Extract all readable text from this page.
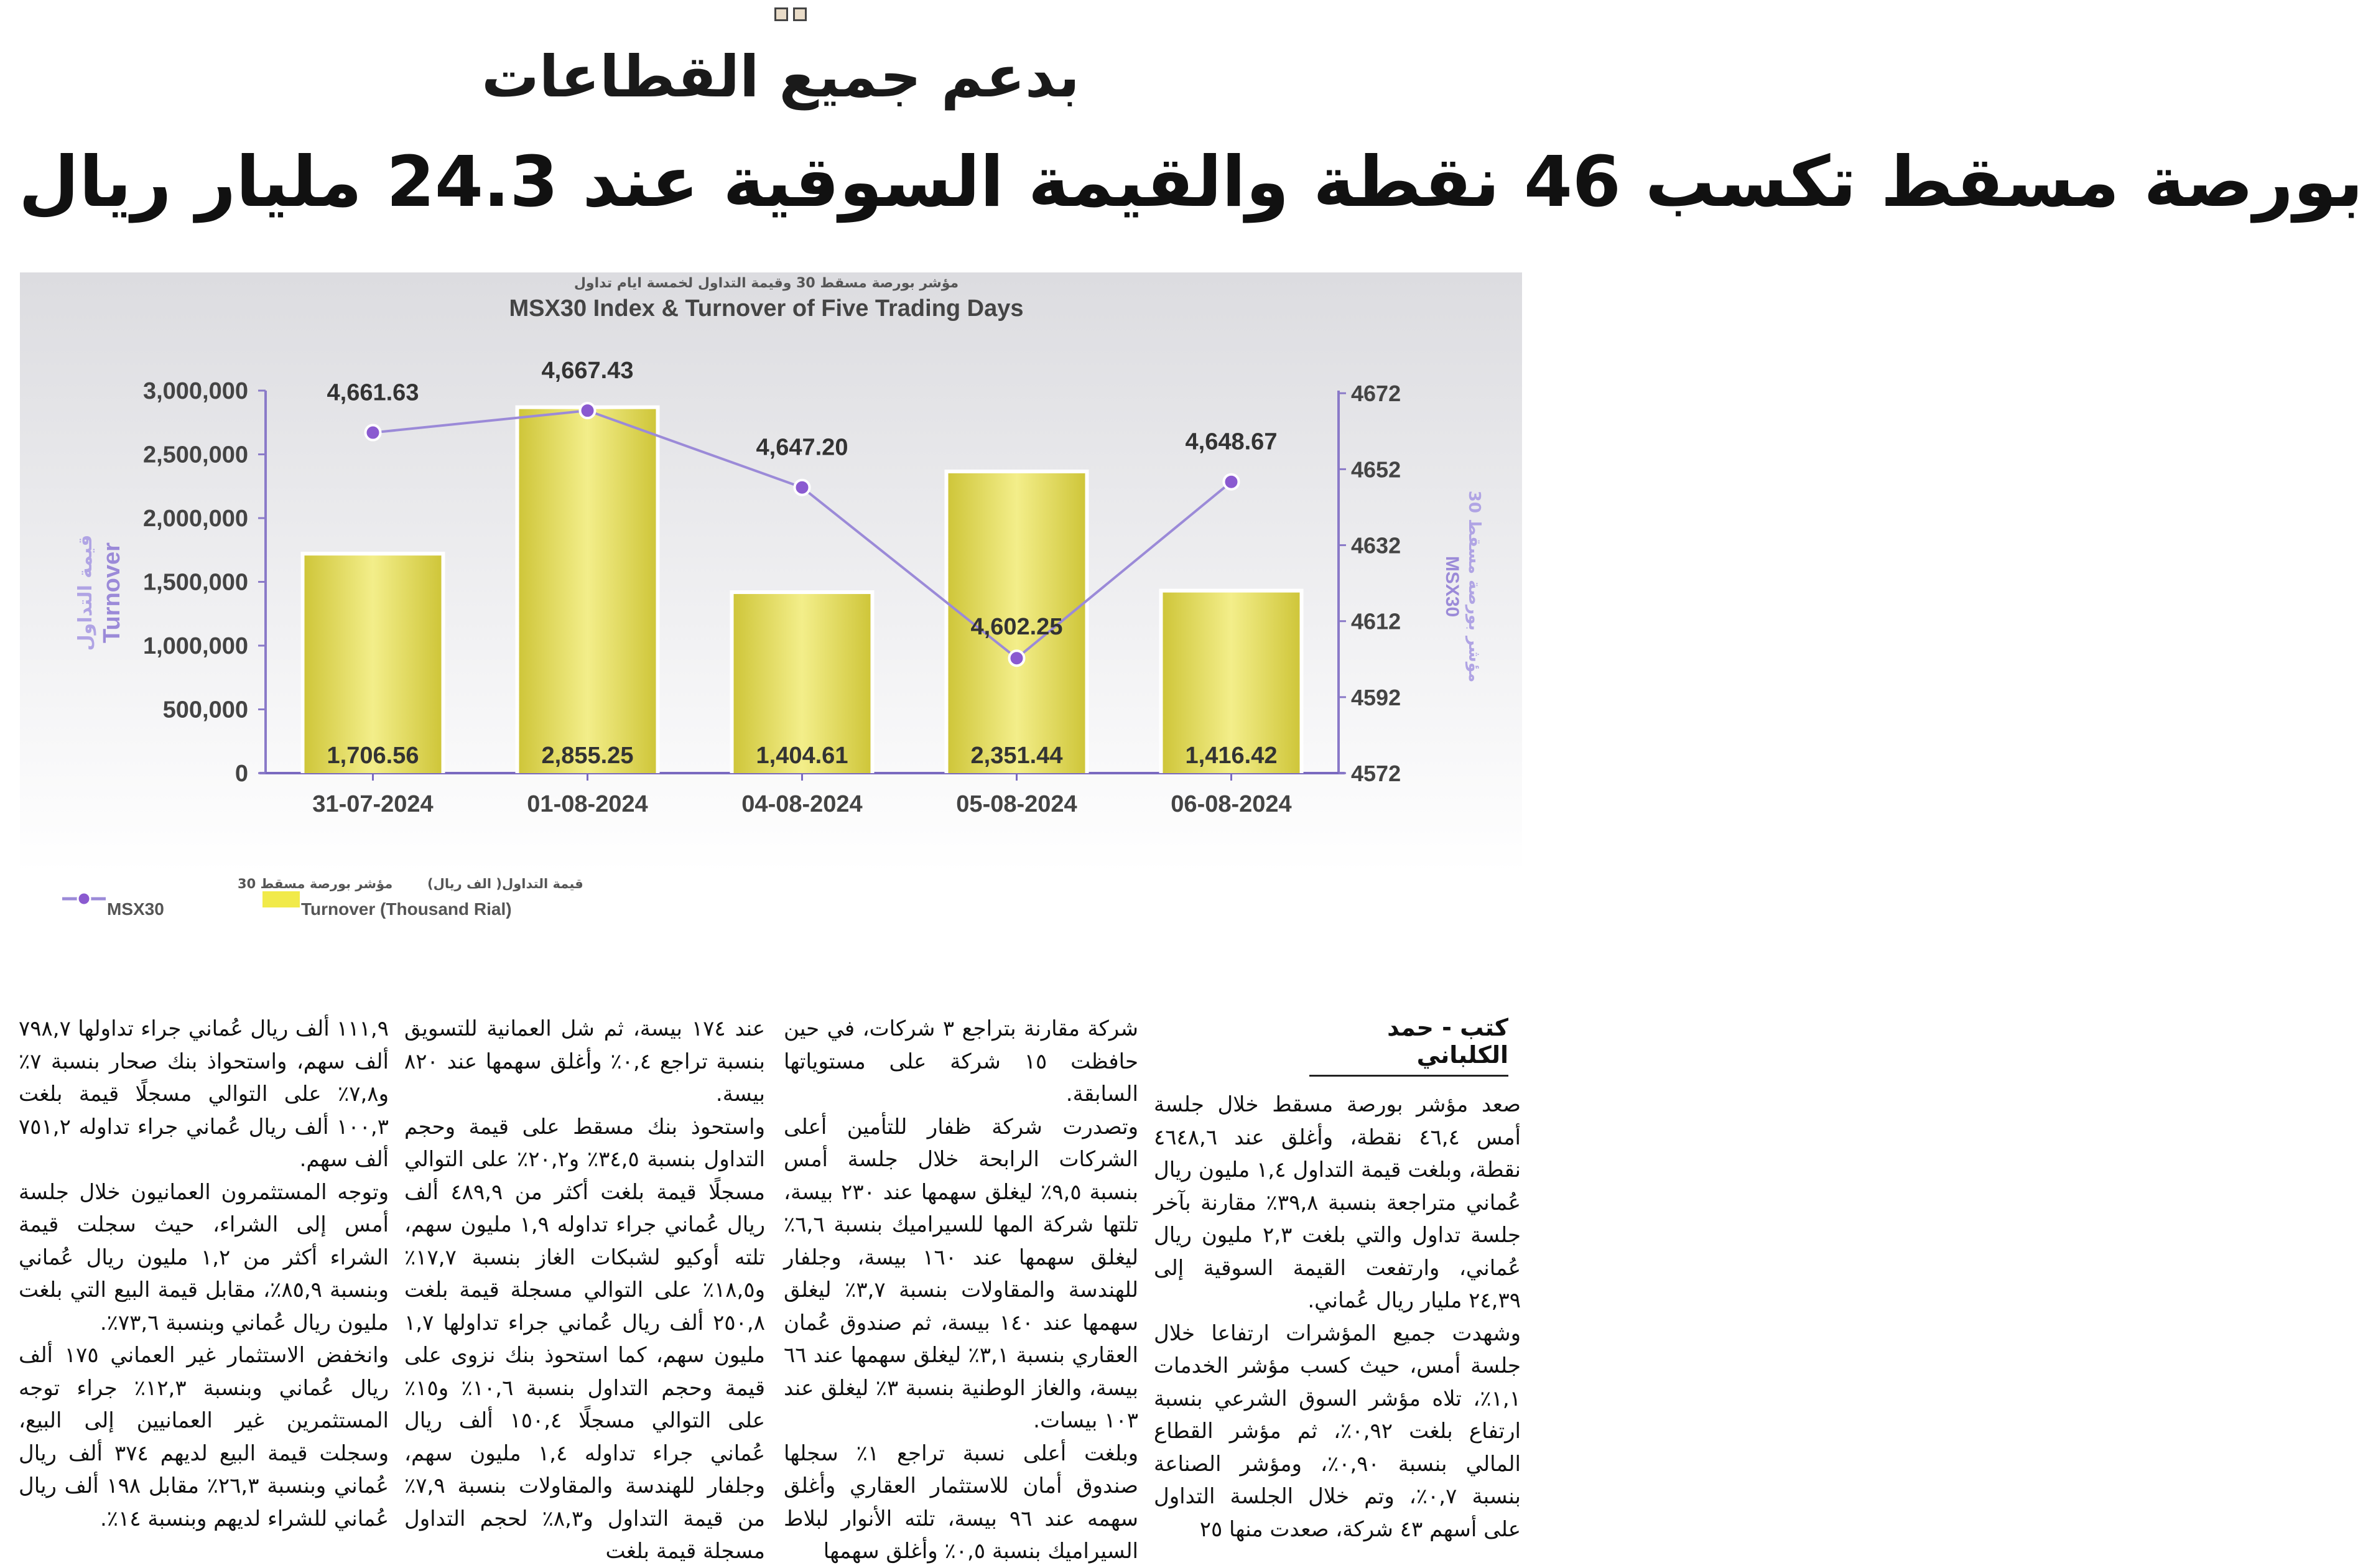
بدعم جميع القطاعات
بورصة مسقط تكسب 46 نقطة والقيمة السوقية عند 24.3 مليار ريال
مؤشر بورصة مسقط 30 وقيمة التداول لخمسة ايام تداول
MSX30 Index & Turnover of Five Trading Days
0
500,000
1,000,000
1,500,000
2,000,000
2,500,000
3,000,000
4572
4592
4612
4632
4652
4672
Turnover
قيمة التداول	MSX30
مؤشر بورصة مسقط 30
1,706.56	2,855.25	1,404.61	2,351.44	1,416.42
31-07-2024	01-08-2024	04-08-2024	05-08-2024	06-08-2024
4,661.63
4,667.43
4,647.20
4,602.25
4,648.67
مؤشر بورصة مسقط 30
MSX30
قيمة التداول( الف ريال)
Turnover (Thousand Rial)
كتب - حمد الكلباني

صعد مؤشر بورصة مسقط خلال جلسة أمس ٤٦,٤ نقطة، وأغلق عند ٤٦٤٨,٦ نقطة، وبلغت قيمة التداول ١,٤ مليون ريال عُماني متراجعة بنسبة ٣٩,٨٪ مقارنة بآخر جلسة تداول والتي بلغت ٢,٣ مليون ريال عُماني، وارتفعت القيمة السوقية إلى ٢٤,٣٩ مليار ريال عُماني.

وشهدت جميع المؤشرات ارتفاعا خلال جلسة أمس، حيث كسب مؤشر الخدمات ١,١٪، تلاه مؤشر السوق الشرعي بنسبة ارتفاع بلغت ٠,٩٢٪، ثم مؤشر القطاع المالي بنسبة ٠,٩٠٪، ومؤشر الصناعة بنسبة ٠,٧٪، وتم خلال الجلسة التداول على أسهم ٤٣ شركة، صعدت منها ٢٥

شركة مقارنة بتراجع ٣ شركات، في حين حافظت ١٥ شركة على مستوياتها السابقة.

وتصدرت شركة ظفار للتأمين أعلى الشركات الرابحة خلال جلسة أمس بنسبة ٩,٥٪ ليغلق سهمها عند ٢٣٠ بيسة، تلتها شركة المها للسيراميك بنسبة ٦,٦٪ ليغلق سهمها عند ١٦٠ بيسة، وجلفار للهندسة والمقاولات بنسبة ٣,٧٪ ليغلق سهمها عند ١٤٠ بيسة، ثم صندوق عُمان العقاري بنسبة ٣,١٪ ليغلق سهمها عند ٦٦ بيسة، والغاز الوطنية بنسبة ٣٪ ليغلق عند ١٠٣ بيسات.

وبلغت أعلى نسبة تراجع ١٪ سجلها صندوق أمان للاستثمار العقاري وأغلق سهمه عند ٩٦ بيسة، تلته الأنوار لبلاط السيراميك بنسبة ٠,٥٪ وأغلق سهمها

عند ١٧٤ بيسة، ثم شل العمانية للتسويق بنسبة تراجع ٠,٤٪ وأغلق سهمها عند ٨٢٠ بيسة.

واستحوذ بنك مسقط على قيمة وحجم التداول بنسبة ٣٤,٥٪ و٢٠,٢٪ على التوالي مسجلًا قيمة بلغت أكثر من ٤٨٩,٩ ألف ريال عُماني جراء تداوله ١,٩ مليون سهم، تلته أوكيو لشبكات الغاز بنسبة ١٧,٧٪ و١٨,٥٪ على التوالي مسجلة قيمة بلغت ٢٥٠,٨ ألف ريال عُماني جراء تداولها ١,٧ مليون سهم، كما استحوذ بنك نزوى على قيمة وحجم التداول بنسبة ١٠,٦٪ و١٥٪ على التوالي مسجلًا ١٥٠,٤ ألف ريال عُماني جراء تداوله ١,٤ مليون سهم، وجلفار للهندسة والمقاولات بنسبة ٧,٩٪ من قيمة التداول و٨,٣٪ لحجم التداول مسجلة قيمة بلغت

١١١,٩ ألف ريال عُماني جراء تداولها ٧٩٨,٧ ألف سهم، واستحواذ بنك صحار بنسبة ٧٪ و٧,٨٪ على التوالي مسجلًا قيمة بلغت ١٠٠,٣ ألف ريال عُماني جراء تداوله ٧٥١,٢ ألف سهم.

وتوجه المستثمرون العمانيون خلال جلسة أمس إلى الشراء، حيث سجلت قيمة الشراء أكثر من ١,٢ مليون ريال عُماني وبنسبة ٨٥,٩٪، مقابل قيمة البيع التي بلغت مليون ريال عُماني وبنسبة ٧٣,٦٪.

وانخفض الاستثمار غير العماني ١٧٥ ألف ريال عُماني وبنسبة ١٢,٣٪ جراء توجه المستثمرين غير العمانيين إلى البيع، وسجلت قيمة البيع لديهم ٣٧٤ ألف ريال عُماني وبنسبة ٢٦,٣٪ مقابل ١٩٨ ألف ريال عُماني للشراء لديهم وبنسبة ١٤٪.
